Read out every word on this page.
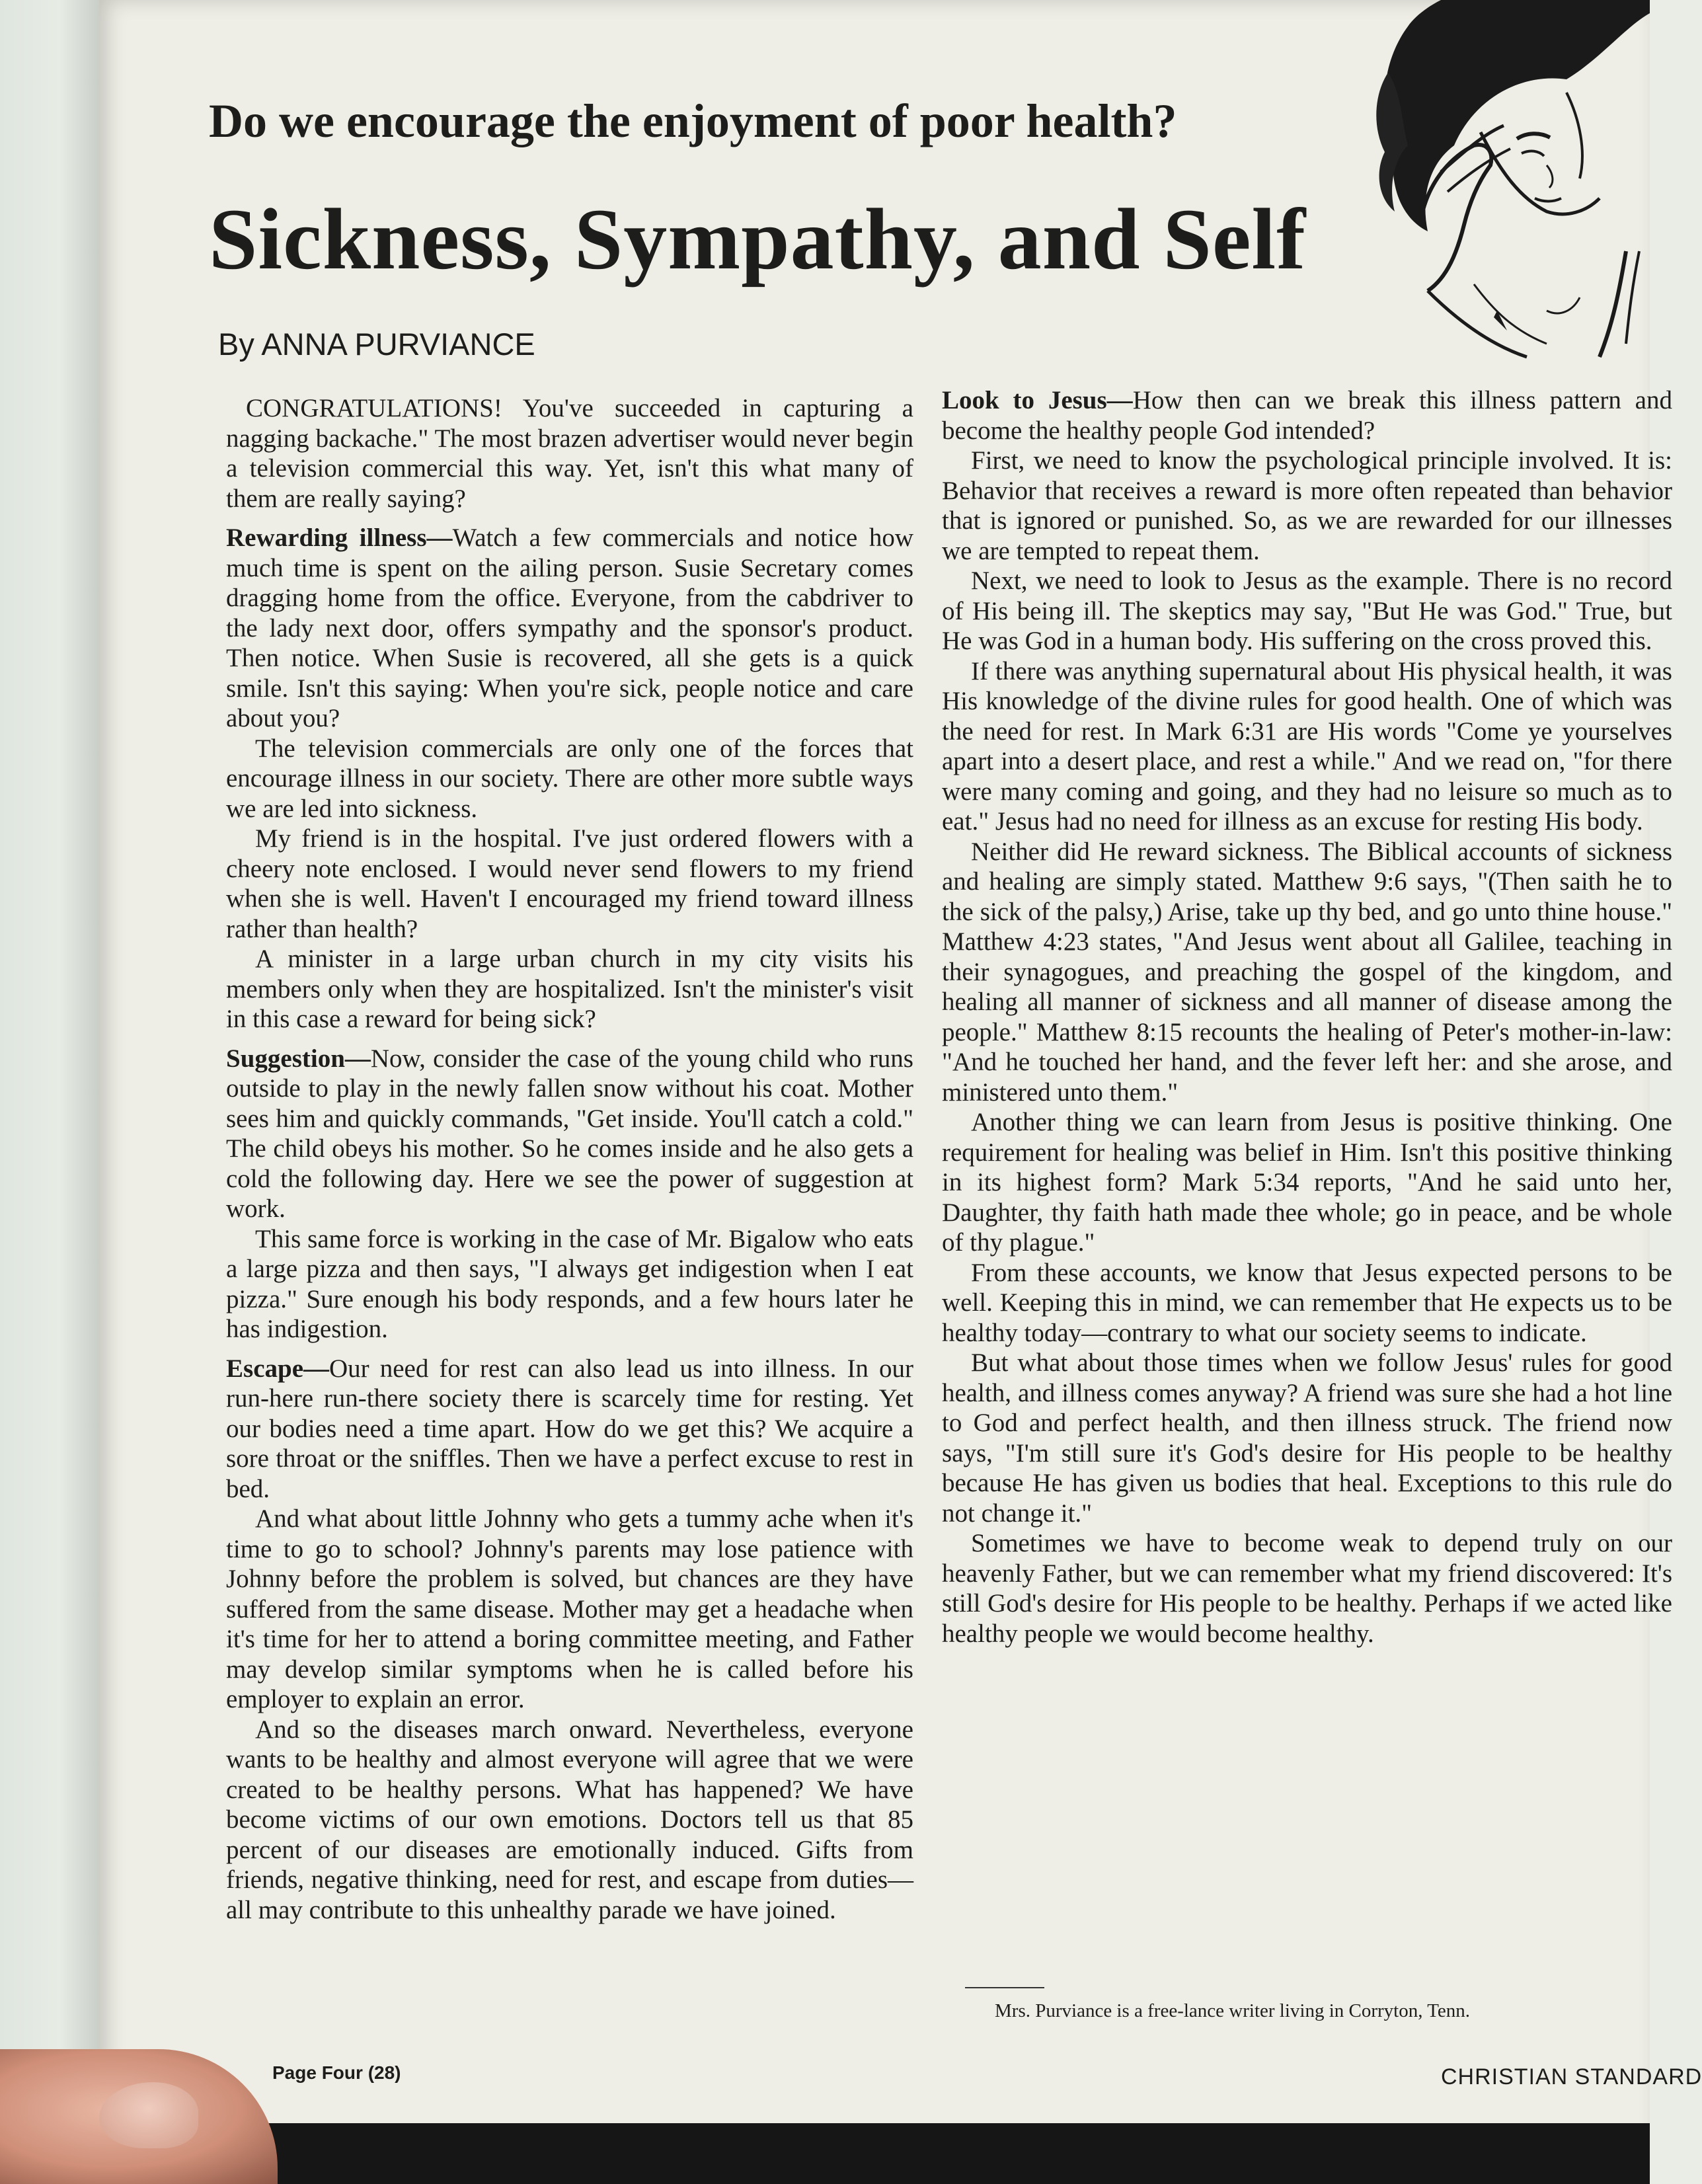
Do we encourage the enjoyment of poor health?
Sickness, Sympathy, and Self
By ANNA PURVIANCE

CONGRATULATIONS! You've succeeded in capturing a nagging backache." The most brazen advertiser would never begin a television commercial this way. Yet, isn't this what many of them are really saying?

Rewarding illness—Watch a few commercials and notice how much time is spent on the ailing person. Susie Secretary comes dragging home from the office. Everyone, from the cabdriver to the lady next door, offers sympathy and the sponsor's product. Then notice. When Susie is recovered, all she gets is a quick smile. Isn't this saying: When you're sick, people notice and care about you?

The television commercials are only one of the forces that encourage illness in our society. There are other more subtle ways we are led into sickness.

My friend is in the hospital. I've just ordered flowers with a cheery note enclosed. I would never send flowers to my friend when she is well. Haven't I encouraged my friend toward illness rather than health?

A minister in a large urban church in my city visits his members only when they are hospitalized. Isn't the minister's visit in this case a reward for being sick?

Suggestion—Now, consider the case of the young child who runs outside to play in the newly fallen snow without his coat. Mother sees him and quickly commands, "Get inside. You'll catch a cold." The child obeys his mother. So he comes inside and he also gets a cold the following day. Here we see the power of suggestion at work.

This same force is working in the case of Mr. Bigalow who eats a large pizza and then says, "I always get indigestion when I eat pizza." Sure enough his body responds, and a few hours later he has indigestion.

Escape—Our need for rest can also lead us into illness. In our run-here run-there society there is scarcely time for resting. Yet our bodies need a time apart. How do we get this? We acquire a sore throat or the sniffles. Then we have a perfect excuse to rest in bed.

And what about little Johnny who gets a tummy ache when it's time to go to school? Johnny's parents may lose patience with Johnny before the problem is solved, but chances are they have suffered from the same disease. Mother may get a headache when it's time for her to attend a boring committee meeting, and Father may develop similar symptoms when he is called before his employer to explain an error.

And so the diseases march onward. Nevertheless, everyone wants to be healthy and almost everyone will agree that we were created to be healthy persons. What has happened? We have become victims of our own emotions. Doctors tell us that 85 percent of our diseases are emotionally induced. Gifts from friends, negative thinking, need for rest, and escape from duties—all may contribute to this unhealthy parade we have joined.

Look to Jesus—How then can we break this illness pattern and become the healthy people God intended?

First, we need to know the psychological principle involved. It is: Behavior that receives a reward is more often repeated than behavior that is ignored or punished. So, as we are rewarded for our illnesses we are tempted to repeat them.

Next, we need to look to Jesus as the example. There is no record of His being ill. The skeptics may say, "But He was God." True, but He was God in a human body. His suffering on the cross proved this.

If there was anything supernatural about His physical health, it was His knowledge of the divine rules for good health. One of which was the need for rest. In Mark 6:31 are His words "Come ye yourselves apart into a desert place, and rest a while." And we read on, "for there were many coming and going, and they had no leisure so much as to eat." Jesus had no need for illness as an excuse for resting His body.

Neither did He reward sickness. The Biblical accounts of sickness and healing are simply stated. Matthew 9:6 says, "(Then saith he to the sick of the palsy,) Arise, take up thy bed, and go unto thine house." Matthew 4:23 states, "And Jesus went about all Galilee, teaching in their synagogues, and preaching the gospel of the kingdom, and healing all manner of sickness and all manner of disease among the people." Matthew 8:15 recounts the healing of Peter's mother-in-law: "And he touched her hand, and the fever left her: and she arose, and ministered unto them."

Another thing we can learn from Jesus is positive thinking. One requirement for healing was belief in Him. Isn't this positive thinking in its highest form? Mark 5:34 reports, "And he said unto her, Daughter, thy faith hath made thee whole; go in peace, and be whole of thy plague."

From these accounts, we know that Jesus expected persons to be well. Keeping this in mind, we can remember that He expects us to be healthy today—contrary to what our society seems to indicate.

But what about those times when we follow Jesus' rules for good health, and illness comes anyway? A friend was sure she had a hot line to God and perfect health, and then illness struck. The friend now says, "I'm still sure it's God's desire for His people to be healthy because He has given us bodies that heal. Exceptions to this rule do not change it."

Sometimes we have to become weak to depend truly on our heavenly Father, but we can remember what my friend discovered: It's still God's desire for His people to be healthy. Perhaps if we acted like healthy people we would become healthy.

Mrs. Purviance is a free-lance writer living in Corryton, Tenn.
Page Four (28)	CHRISTIAN STANDARD
